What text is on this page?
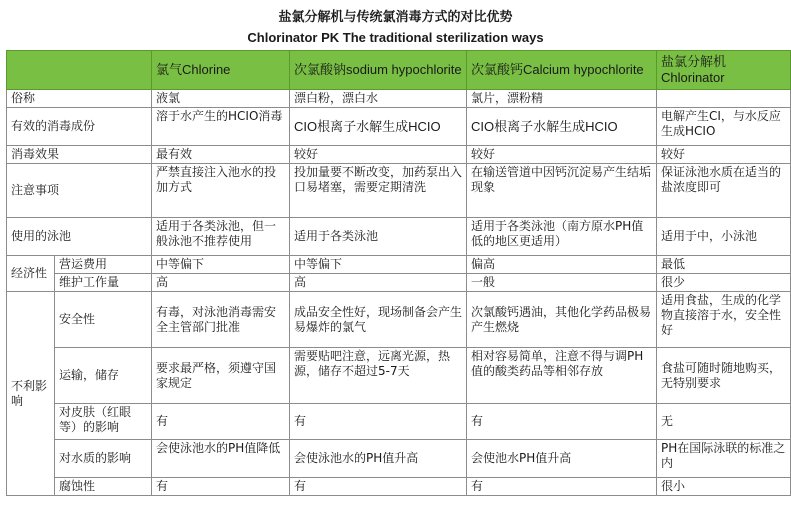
盐氯分解机与传统氯消毒方式的对比优势
Chlorinator PK The traditional sterilization ways
		氯气Chlorine	次氯酸钠sodium hypochlorite	次氯酸钙Calcium hypochlorite	盐氯分解机 Chlorinator
俗称		液氯	漂白粉，漂白水	氯片，漂粉精	
有效的消毒成份		溶于水产生的HCIO消毒	CIO根离子水解生成HCIO	CIO根离子水解生成HCIO	电解产生CI，与水反应生成HCIO
消毒效果		最有效	较好	较好	较好
注意事项		严禁直接注入池水的投加方式	投加量要不断改变，加药泵出入口易堵塞，需要定期清洗	在输送管道中因钙沉淀易产生结垢现象	保证泳池水质在适当的盐浓度即可
使用的泳池		适用于各类泳池，但一般泳池不推荐使用	适用于各类泳池	适用于各类泳池（南方原水PH值低的地区更适用）	适用于中，小泳池
经济性	营运费用	中等偏下	中等偏下	偏高	最低
	维护工作量	高	高	一般	很少
不利影响	安全性	有毒，对泳池消毒需安全主管部门批准	成品安全性好，现场制备会产生易爆炸的氯气	次氯酸钙遇油，其他化学药品极易产生燃烧	适用食盐，生成的化学物直接溶于水，安全性好
	运输，储存	要求最严格，须遵守国家规定	需要贴吧注意，远离光源，热源，储存不超过5-7天	相对容易简单，注意不得与调PH值的酸类药品等相邻存放	食盐可随时随地购买，无特别要求
	对皮肤（红眼等）的影响	有	有	有	无
	对水质的影响	会使泳池水的PH值降低	会使泳池水的PH值升高	会使池水PH值升高	PH在国际泳联的标准之内
	腐蚀性	有	有	有	很小
